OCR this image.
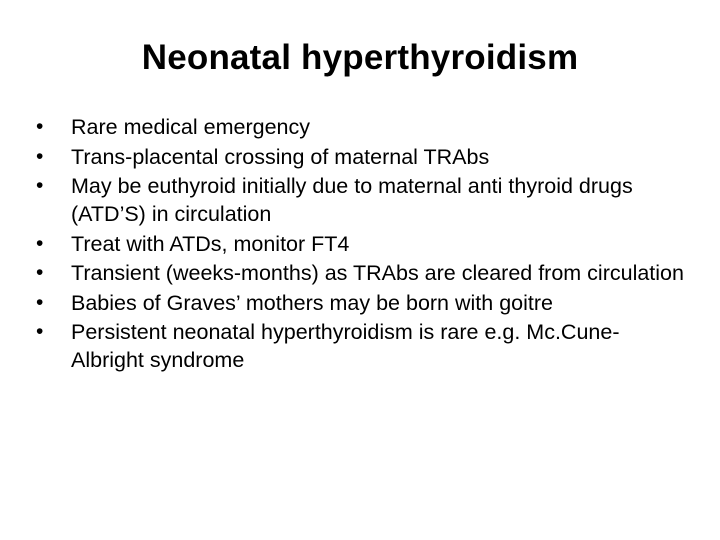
Neonatal hyperthyroidism
•	Rare medical emergency
•	Trans-placental crossing of maternal TRAbs
•	May be euthyroid initially due to maternal anti thyroid drugs (ATD’S) in circulation
•	Treat with ATDs, monitor FT4
•	Transient (weeks-months) as TRAbs are cleared from circulation
•	Babies of Graves’ mothers may be born with goitre
•	Persistent neonatal hyperthyroidism is rare e.g. Mc.Cune-Albright syndrome
